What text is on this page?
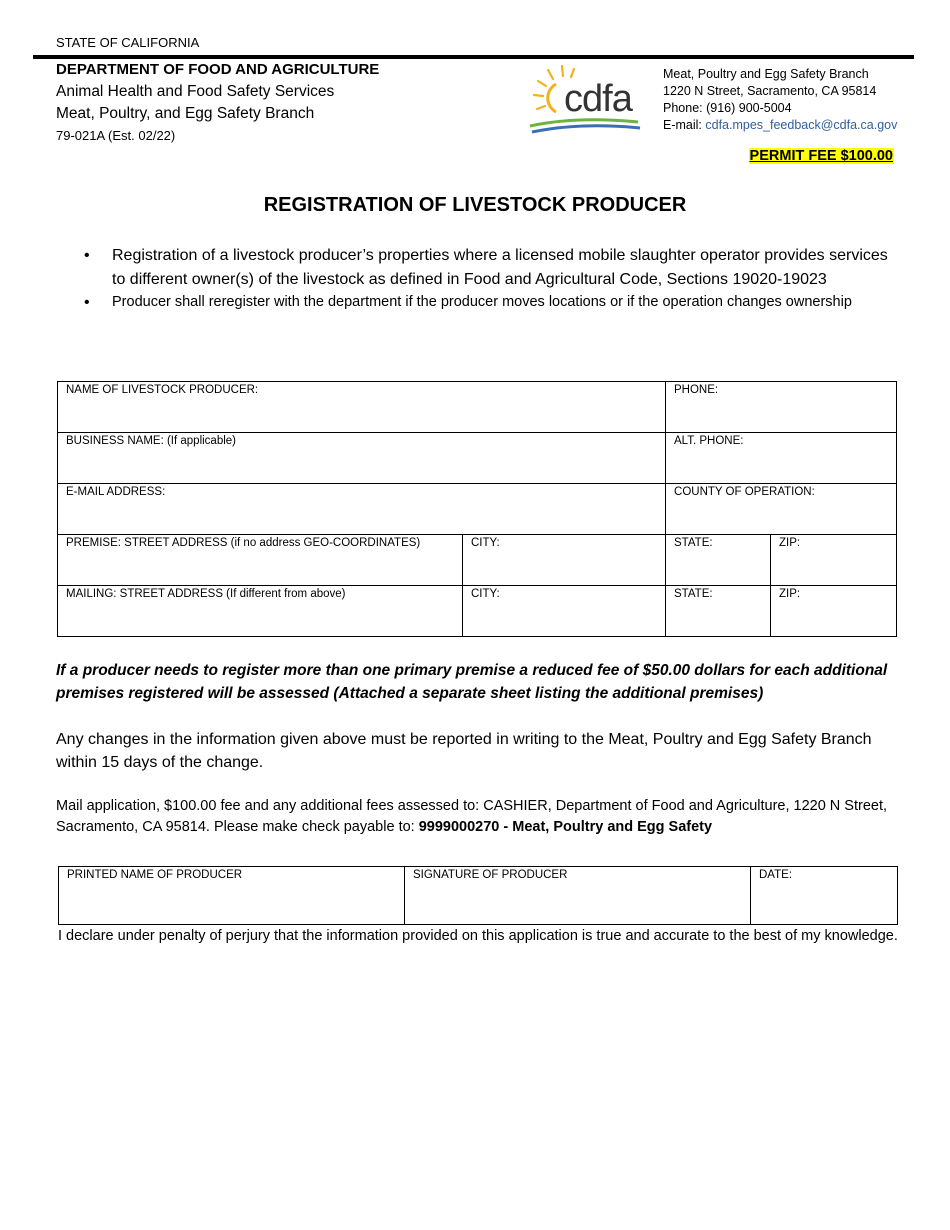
STATE OF CALIFORNIA
DEPARTMENT OF FOOD AND AGRICULTURE
Animal Health and Food Safety Services
Meat, Poultry, and Egg Safety Branch
79-021A (Est. 02/22)
cdfa
Meat, Poultry and Egg Safety Branch
1220 N Street, Sacramento, CA 95814
Phone: (916) 900-5004
E-mail: cdfa.mpes_feedback@cdfa.ca.gov
PERMIT FEE $100.00
REGISTRATION OF LIVESTOCK PRODUCER
• Registration of a livestock producer’s properties where a licensed mobile slaughter operator provides services to different owner(s) of the livestock as defined in Food and Agricultural Code, Sections 19020-19023
• Producer shall reregister with the department if the producer moves locations or if the operation changes ownership
NAME OF LIVESTOCK PRODUCER:		PHONE:	
BUSINESS NAME: (If applicable)		ALT. PHONE:	
E-MAIL ADDRESS:		COUNTY OF OPERATION:	
PREMISE: STREET ADDRESS (if no address GEO-COORDINATES)	CITY:	STATE:	ZIP:
MAILING: STREET ADDRESS (If different from above)	CITY:	STATE:	ZIP:
If a producer needs to register more than one primary premise a reduced fee of $50.00 dollars for each additional premises registered will be assessed (Attached a separate sheet listing the additional premises)
Any changes in the information given above must be reported in writing to the Meat, Poultry and Egg Safety Branch within 15 days of the change.
Mail application, $100.00 fee and any additional fees assessed to: CASHIER, Department of Food and Agriculture, 1220 N Street, Sacramento, CA 95814. Please make check payable to: 9999000270 - Meat, Poultry and Egg Safety
PRINTED NAME OF PRODUCER	SIGNATURE OF PRODUCER	DATE:
I declare under penalty of perjury that the information provided on this application is true and accurate to the best of my knowledge.
